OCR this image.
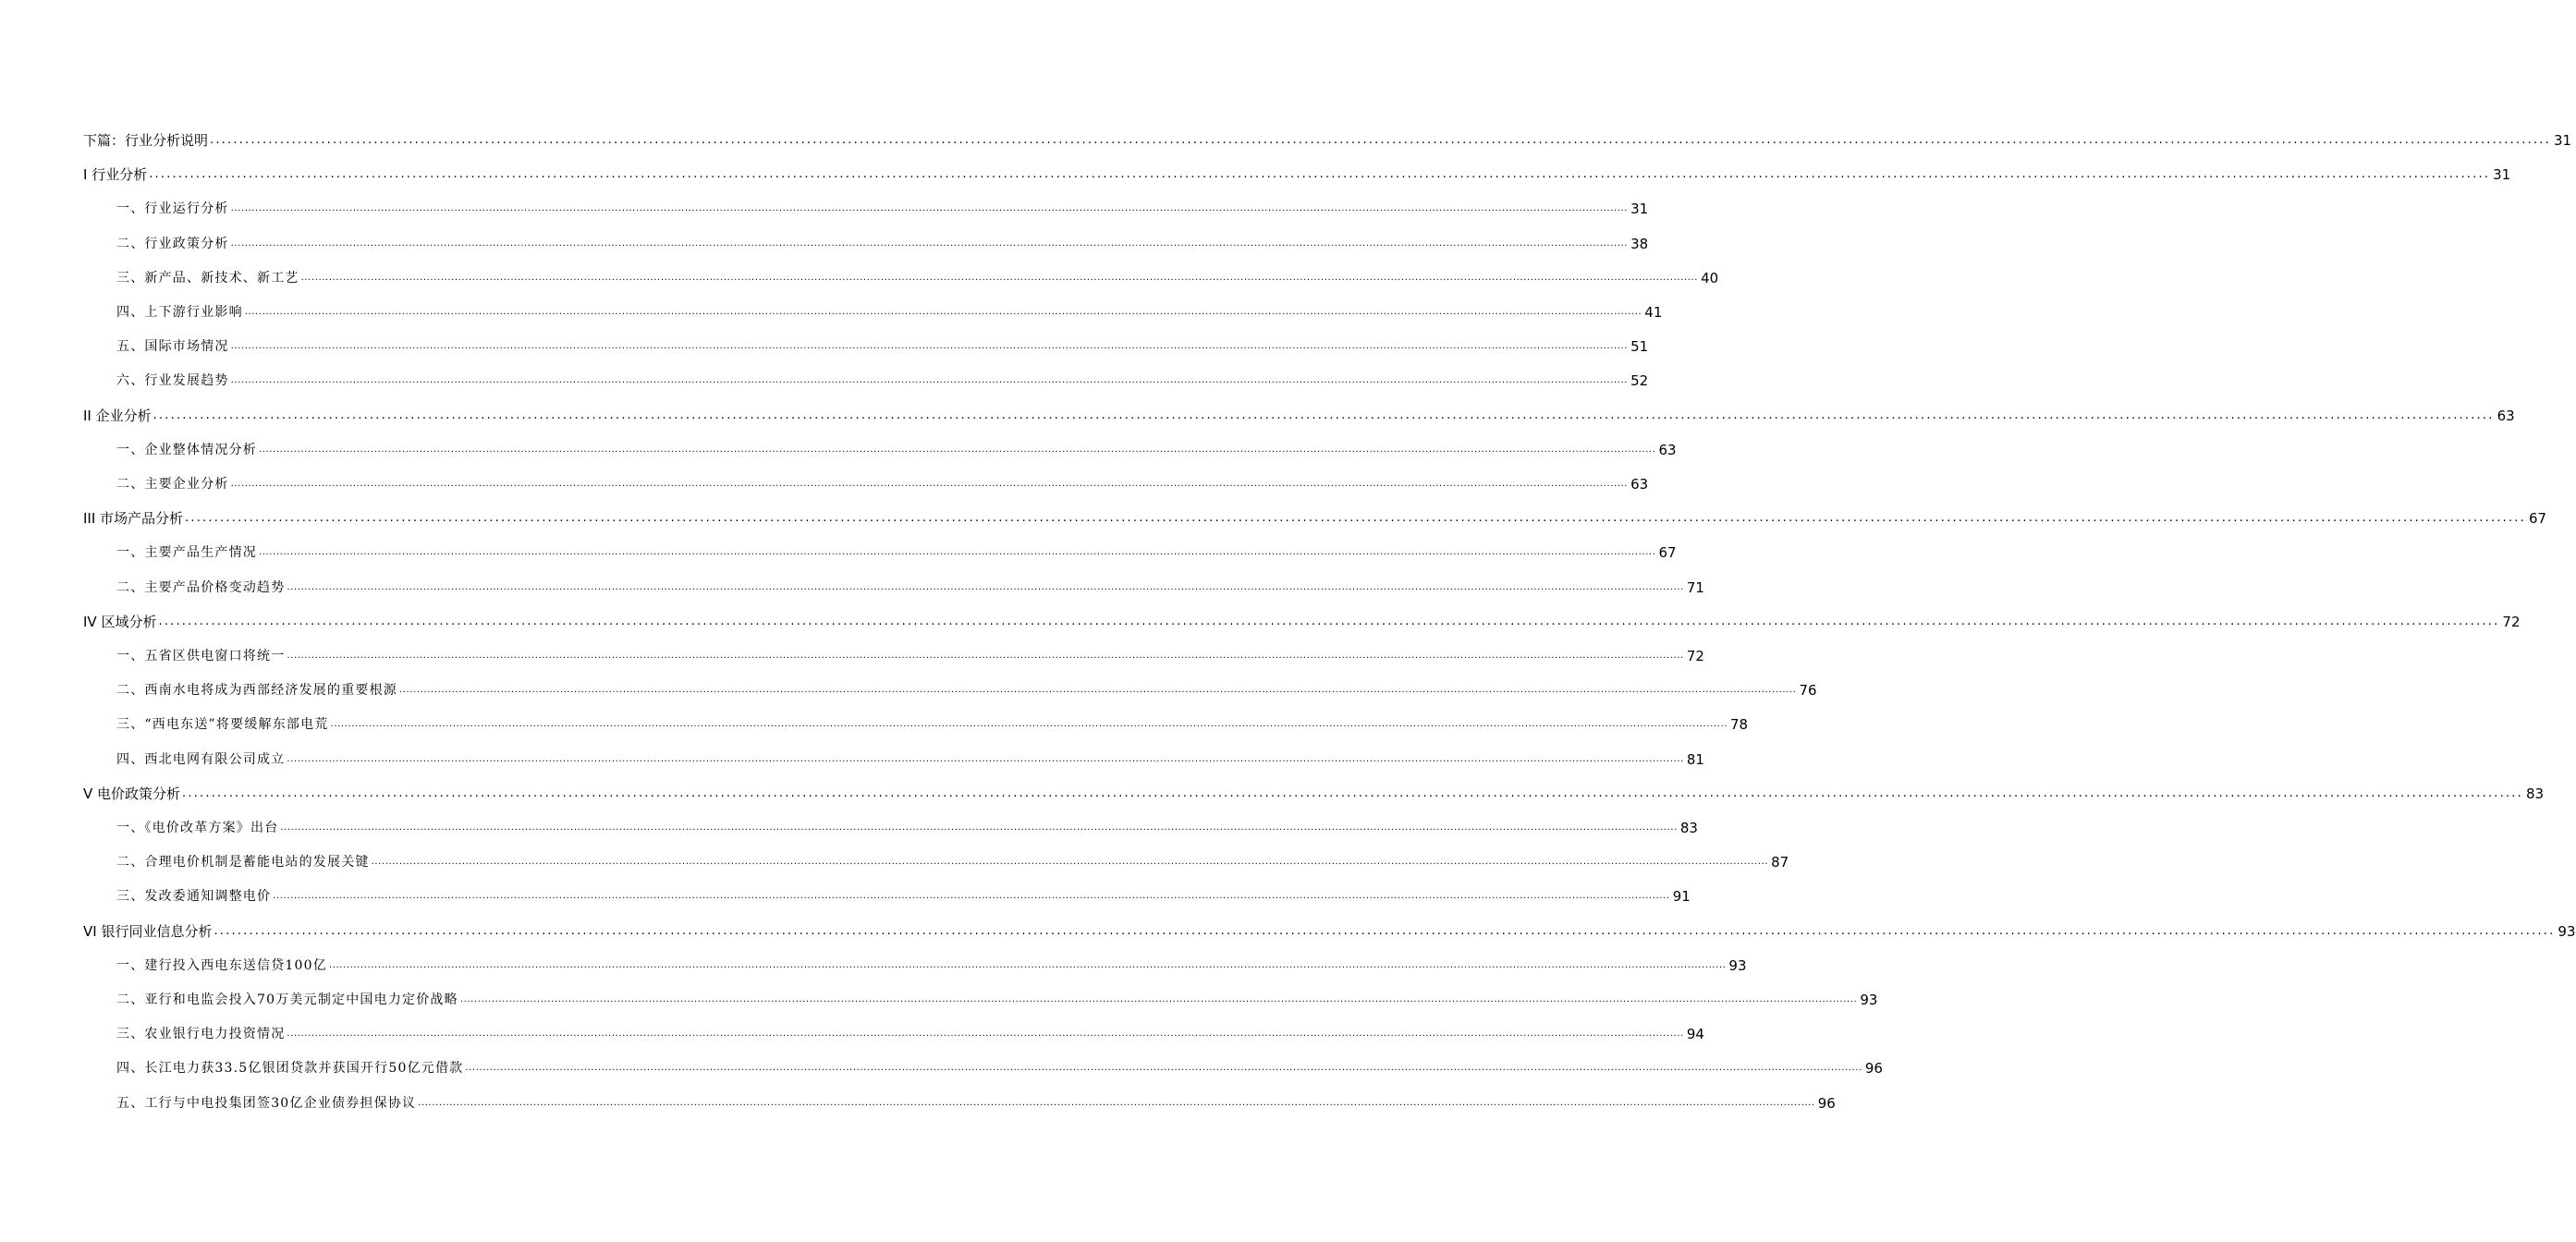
下篇：行业分析说明 ................................................................................................................................................................................................................................................................................................................................................................................................................ 31
I 行业分析 ................................................................................................................................................................................................................................................................................................................................................................................................................ 31
一、行业运行分析 ................................................................................................................................................................................................................................................................................................................................................................................................................ 31
二、行业政策分析 ................................................................................................................................................................................................................................................................................................................................................................................................................ 38
三、新产品、新技术、新工艺 ................................................................................................................................................................................................................................................................................................................................................................................................................ 40
四、上下游行业影响 ................................................................................................................................................................................................................................................................................................................................................................................................................ 41
五、国际市场情况 ................................................................................................................................................................................................................................................................................................................................................................................................................ 51
六、行业发展趋势 ................................................................................................................................................................................................................................................................................................................................................................................................................ 52
II 企业分析 ................................................................................................................................................................................................................................................................................................................................................................................................................ 63
一、企业整体情况分析 ................................................................................................................................................................................................................................................................................................................................................................................................................ 63
二、主要企业分析 ................................................................................................................................................................................................................................................................................................................................................................................................................ 63
III 市场产品分析 ................................................................................................................................................................................................................................................................................................................................................................................................................ 67
一、主要产品生产情况 ................................................................................................................................................................................................................................................................................................................................................................................................................ 67
二、主要产品价格变动趋势 ................................................................................................................................................................................................................................................................................................................................................................................................................ 71
IV 区域分析 ................................................................................................................................................................................................................................................................................................................................................................................................................ 72
一、五省区供电窗口将统一 ................................................................................................................................................................................................................................................................................................................................................................................................................ 72
二、西南水电将成为西部经济发展的重要根源 ................................................................................................................................................................................................................................................................................................................................................................................................................ 76
三、“西电东送”将要缓解东部电荒 ................................................................................................................................................................................................................................................................................................................................................................................................................ 78
四、西北电网有限公司成立 ................................................................................................................................................................................................................................................................................................................................................................................................................ 81
V 电价政策分析 ................................................................................................................................................................................................................................................................................................................................................................................................................ 83
一、《电价改革方案》出台 ................................................................................................................................................................................................................................................................................................................................................................................................................ 83
二、合理电价机制是蓄能电站的发展关键 ................................................................................................................................................................................................................................................................................................................................................................................................................ 87
三、发改委通知调整电价 ................................................................................................................................................................................................................................................................................................................................................................................................................ 91
VI 银行同业信息分析 ................................................................................................................................................................................................................................................................................................................................................................................................................ 93
一、建行投入西电东送信贷100亿 ................................................................................................................................................................................................................................................................................................................................................................................................................ 93
二、亚行和电监会投入70万美元制定中国电力定价战略 ................................................................................................................................................................................................................................................................................................................................................................................................................ 93
三、农业银行电力投资情况 ................................................................................................................................................................................................................................................................................................................................................................................................................ 94
四、长江电力获33.5亿银团贷款并获国开行50亿元借款 ................................................................................................................................................................................................................................................................................................................................................................................................................ 96
五、工行与中电投集团签30亿企业债券担保协议 ................................................................................................................................................................................................................................................................................................................................................................................................................ 96
